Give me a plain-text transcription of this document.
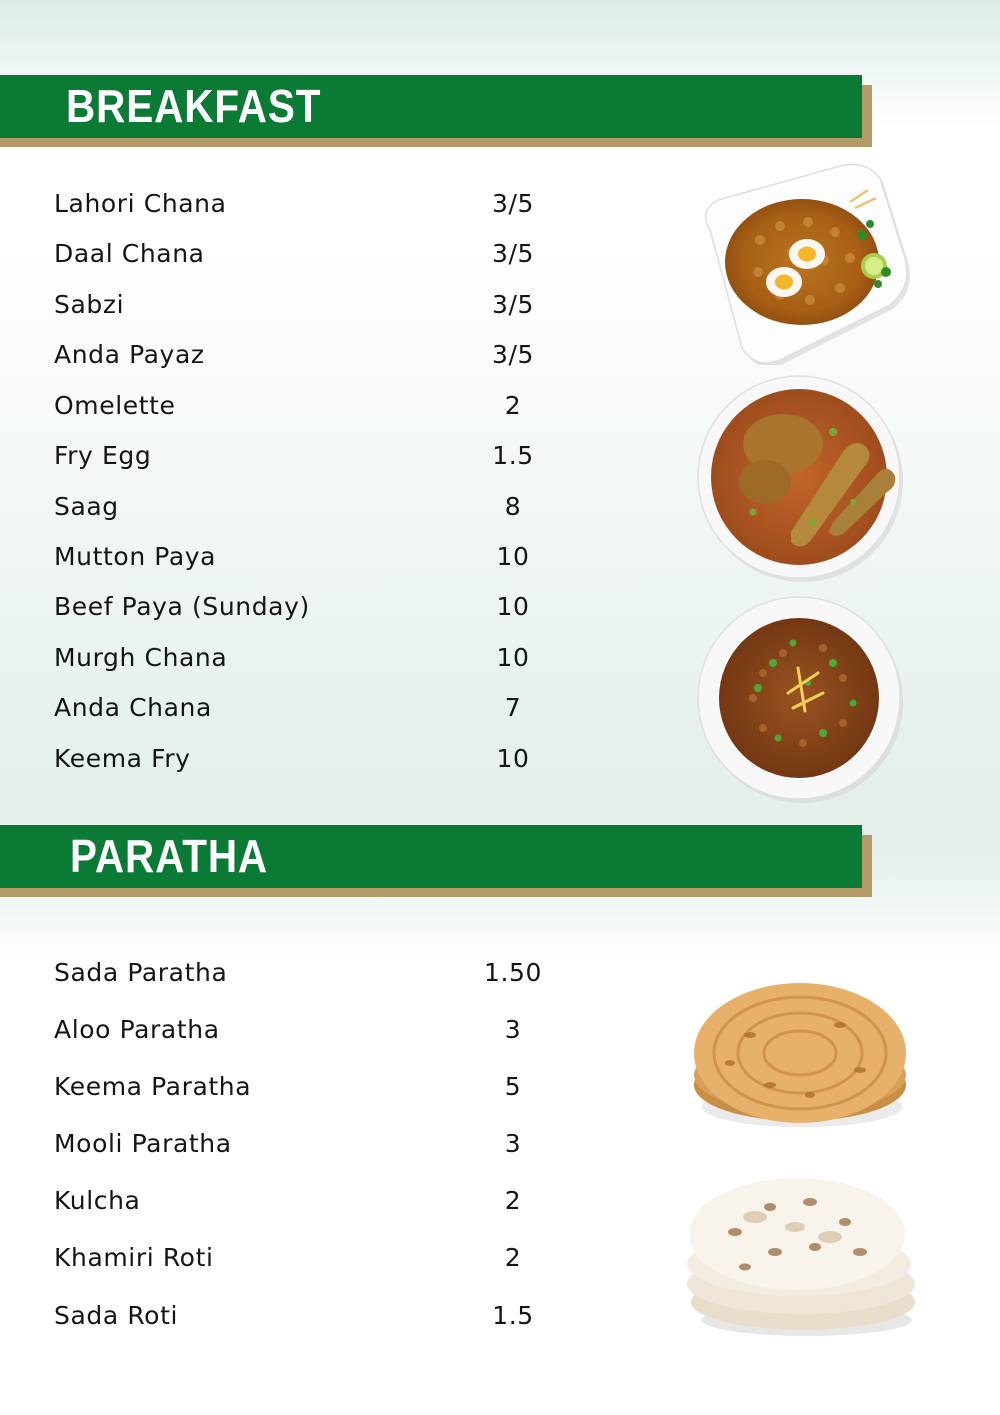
BREAKFAST
Lahori Chana	3/5
Daal Chana	3/5
Sabzi	3/5
Anda Payaz	3/5
Omelette	2
Fry Egg	1.5
Saag	8
Mutton Paya	10
Beef Paya (Sunday)	10
Murgh Chana	10
Anda Chana	7
Keema Fry	10
PARATHA
Sada Paratha	1.50
Aloo Paratha	3
Keema Paratha	5
Mooli Paratha	3
Kulcha	2
Khamiri Roti	2
Sada Roti	1.5
